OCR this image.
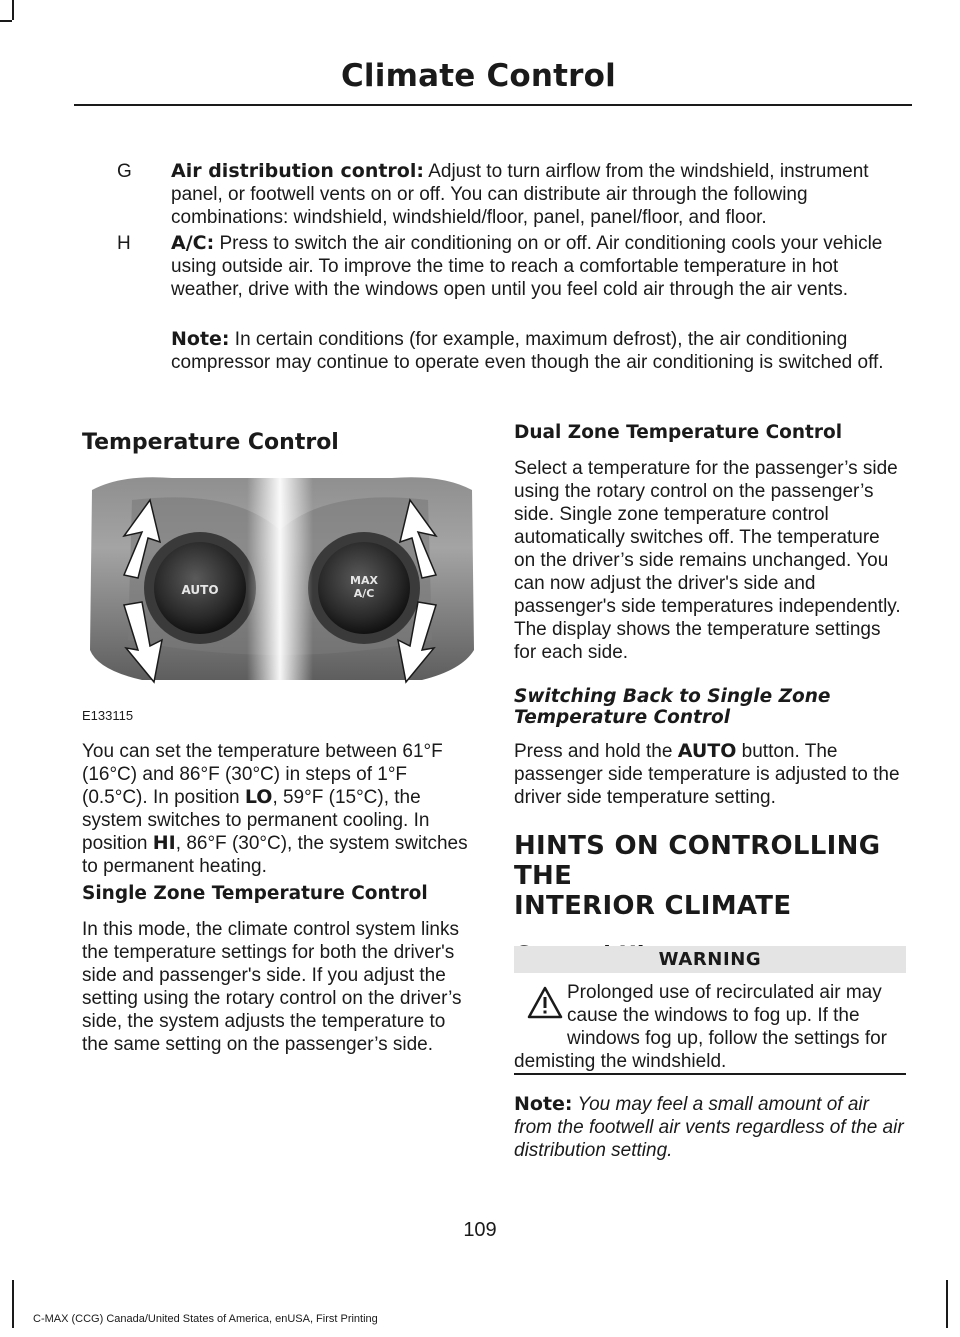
Climate Control
G Air distribution control: Adjust to turn airflow from the windshield, instrument panel, or footwell vents on or off. You can distribute air through the following combinations: windshield, windshield/floor, panel, panel/floor, and floor.
H A/C: Press to switch the air conditioning on or off. Air conditioning cools your vehicle using outside air. To improve the time to reach a comfortable temperature in hot weather, drive with the windows open until you feel cold air through the air vents.
Note: In certain conditions (for example, maximum defrost), the air conditioning compressor may continue to operate even though the air conditioning is switched off.
Temperature Control
AUTO
MAX
A/C
E133115

You can set the temperature between 61°F (16°C) and 86°F (30°C) in steps of 1°F (0.5°C). In position LO, 59°F (15°C), the system switches to permanent cooling. In position HI, 86°F (30°C), the system switches to permanent heating.

Single Zone Temperature Control

In this mode, the climate control system links the temperature settings for both the driver's side and passenger's side. If you adjust the setting using the rotary control on the driver’s side, the system adjusts the temperature to the same setting on the passenger’s side.

Dual Zone Temperature Control

Select a temperature for the passenger’s side using the rotary control on the passenger’s side. Single zone temperature control automatically switches off. The temperature on the driver’s side remains unchanged. You can now adjust the driver's side and passenger's side temperatures independently. The display shows the temperature settings for each side.

Switching Back to Single Zone Temperature Control

Press and hold the AUTO button. The passenger side temperature is adjusted to the driver side temperature setting.

HINTS ON CONTROLLING THE
INTERIOR CLIMATE
WARNING

Prolonged use of recirculated air may cause the windows to fog up. If the windows fog up, follow the settings for demisting the windshield.

Note: You may feel a small amount of air from the footwell air vents regardless of the air distribution setting.

109
C-MAX (CCG) Canada/United States of America, enUSA, First Printing
